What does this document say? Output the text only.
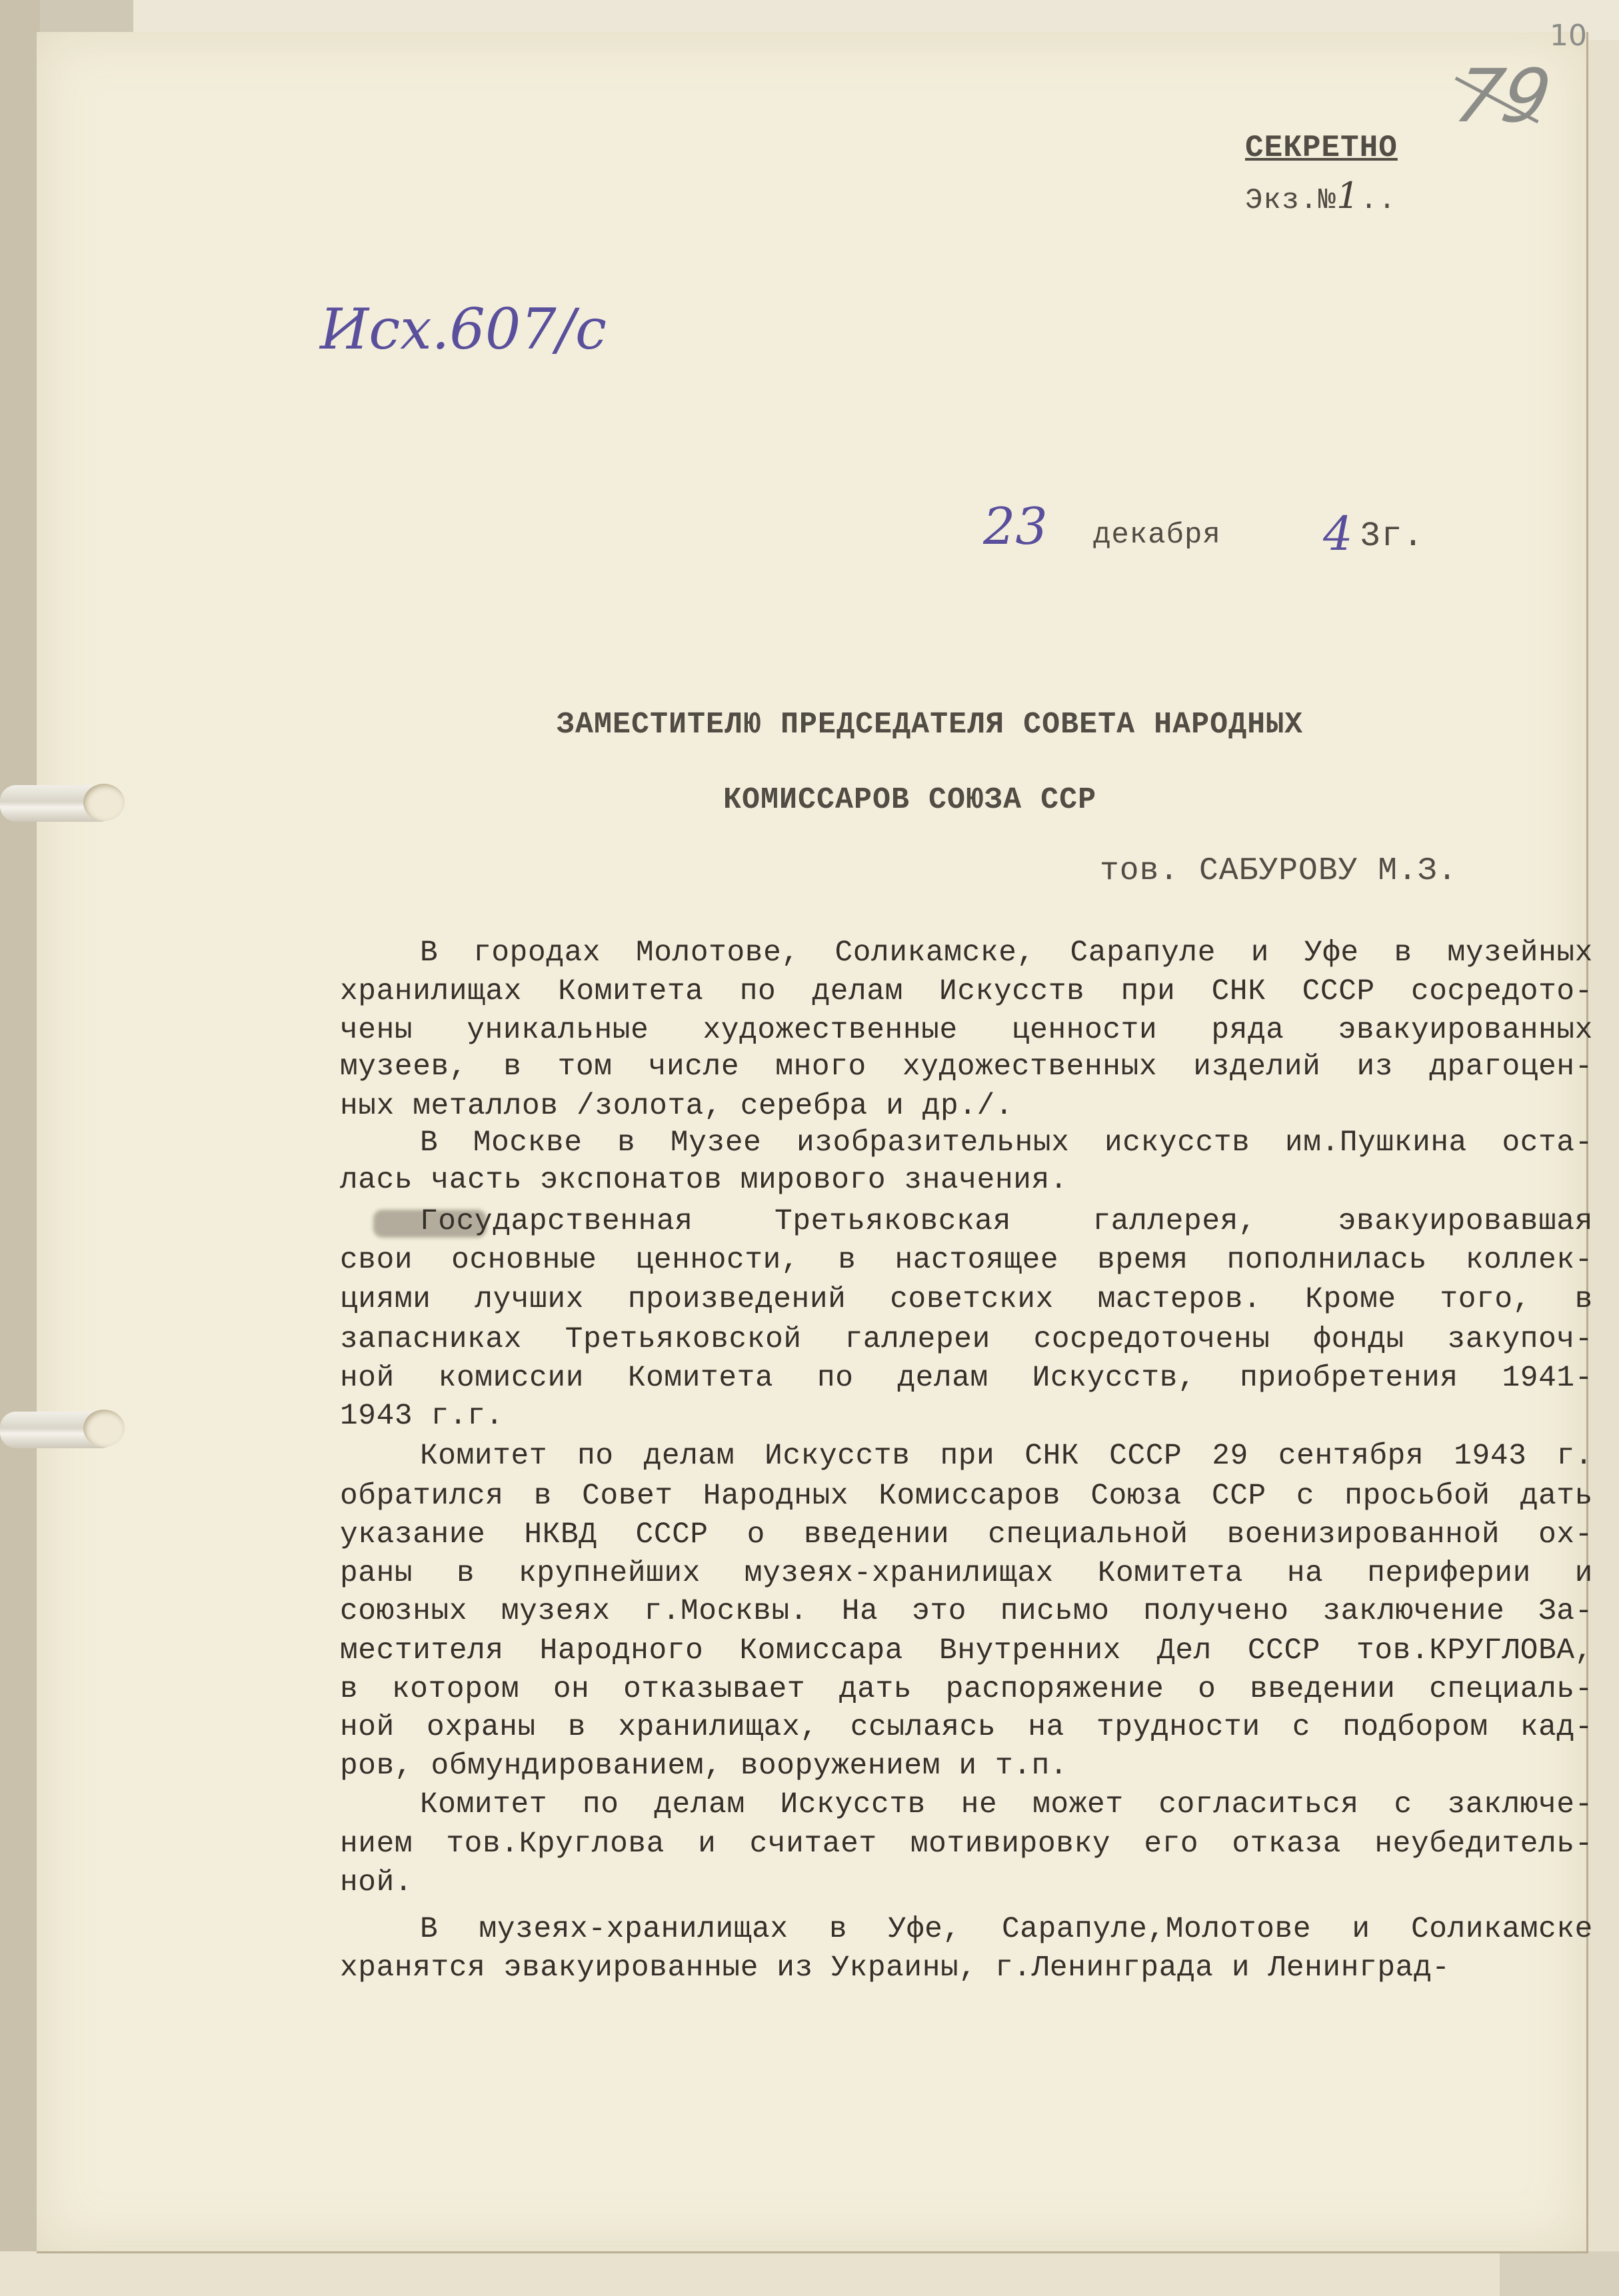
79
10
СЕКРЕТНО
Экз.№1..
Исх.607/с
23 декабря 4 3г.
ЗАМЕСТИТЕЛЮ ПРЕДСЕДАТЕЛЯ СОВЕТА НАРОДНЫХ
КОМИССАРОВ СОЮЗА ССР
тов. САБУРОВУ М.З.
В городах Молотове, Соликамске, Сарапуле и Уфе в музейных
хранилищах Комитета по делам Искусств при СНК СССР сосредото-
чены уникальные художественные ценности ряда эвакуированных
музеев, в том числе много художественных изделий из драгоцен-
ных металлов /золота, серебра и др./.
В Москве в Музее изобразительных искусств им.Пушкина оста-
лась часть экспонатов мирового значения.
Государственная Третьяковская галлерея, эвакуировавшая
свои основные ценности, в настоящее время пополнилась коллек-
циями лучших произведений советских мастеров. Кроме того, в
запасниках Третьяковской галлереи сосредоточены фонды закупоч-
ной комиссии Комитета по делам Искусств, приобретения 1941-
1943 г.г.
Комитет по делам Искусств при СНК СССР 29 сентября 1943 г.
обратился в Совет Народных Комиссаров Союза ССР с просьбой дать
указание НКВД СССР о введении специальной военизированной ох-
раны в крупнейших музеях-хранилищах Комитета на периферии и
союзных музеях г.Москвы. На это письмо получено заключение За-
местителя Народного Комиссара Внутренних Дел СССР тов.КРУГЛОВА,
в котором он отказывает дать распоряжение о введении специаль-
ной охраны в хранилищах, ссылаясь на трудности с подбором кад-
ров, обмундированием, вооружением и т.п.
Комитет по делам Искусств не может согласиться с заключе-
нием тов.Круглова и считает мотивировку его отказа неубедитель-
ной.
В музеях-хранилищах в Уфе, Сарапуле,Молотове и Соликамске
хранятся эвакуированные из Украины, г.Ленинграда и Ленинград-
